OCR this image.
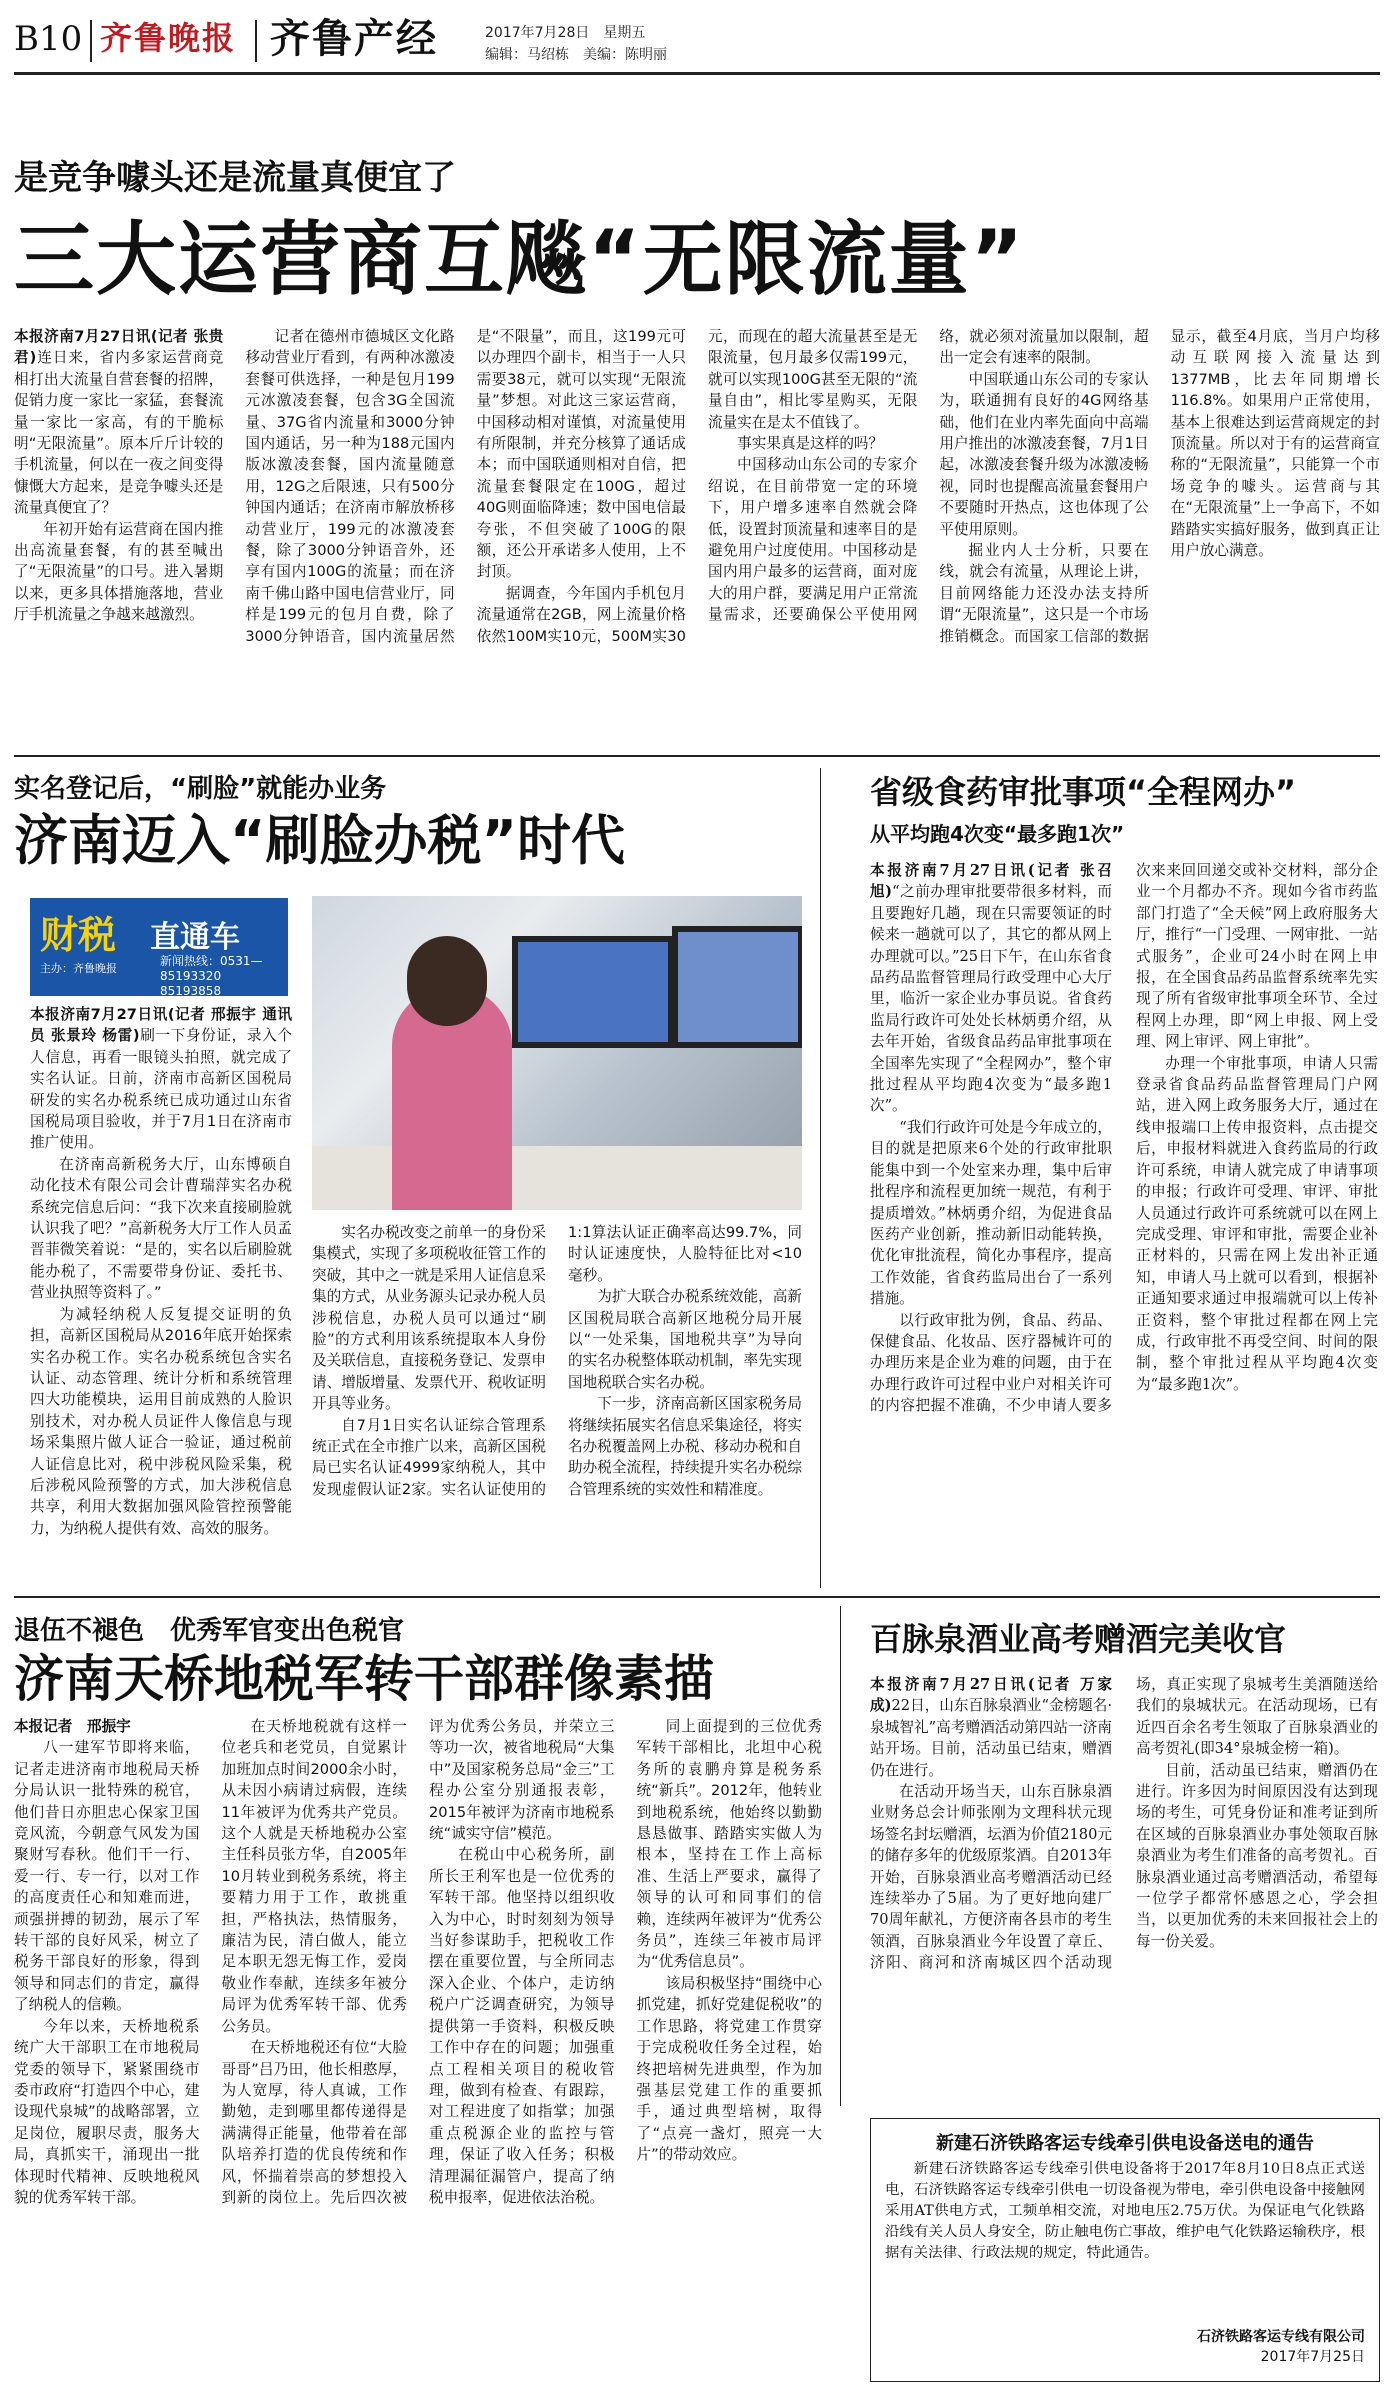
B10 齐鲁晚报 齐鲁产经	2017年7月28日　星期五
编辑：马绍栋　美编：陈明丽
是竞争噱头还是流量真便宜了
三大运营商互飚“无限流量”

本报济南7月27日讯(记者 张贵君)连日来，省内多家运营商竞相打出大流量自营套餐的招牌，促销力度一家比一家猛，套餐流量一家比一家高，有的干脆标明“无限流量”。原本斤斤计较的手机流量，何以在一夜之间变得慷慨大方起来，是竞争噱头还是流量真便宜了？

年初开始有运营商在国内推出高流量套餐，有的甚至喊出了“无限流量”的口号。进入暑期以来，更多具体措施落地，营业厅手机流量之争越来越激烈。

记者在德州市德城区文化路移动营业厅看到，有两种冰激凌套餐可供选择，一种是包月199元冰激凌套餐，包含3G全国流量、37G省内流量和3000分钟国内通话，另一种为188元国内版冰激凌套餐，国内流量随意用，12G之后限速，只有500分钟国内通话；在济南市解放桥移动营业厅，199元的冰激凌套餐，除了3000分钟语音外，还享有国内100G的流量；而在济南千佛山路中国电信营业厅，同样是199元的包月自费，除了3000分钟语音，国内流量居然是“不限量”，而且，这199元可以办理四个副卡，相当于一人只需要38元，就可以实现“无限流量”梦想。对此这三家运营商，中国移动相对谨慎，对流量使用有所限制，并充分核算了通话成本；而中国联通则相对自信，把流量套餐限定在100G，超过40G则面临降速；数中国电信最夸张，不但突破了100G的限额，还公开承诺多人使用，上不封顶。

据调查，今年国内手机包月流量通常在2GB，网上流量价格依然100M实10元，500M实30元，而现在的超大流量甚至是无限流量，包月最多仅需199元，就可以实现100G甚至无限的“流量自由”，相比零星购买，无限流量实在是太不值钱了。

事实果真是这样的吗？

中国移动山东公司的专家介绍说，在目前带宽一定的环境下，用户增多速率自然就会降低，设置封顶流量和速率目的是避免用户过度使用。中国移动是国内用户最多的运营商，面对庞大的用户群，要满足用户正常流量需求，还要确保公平使用网络，就必须对流量加以限制，超出一定会有速率的限制。

中国联通山东公司的专家认为，联通拥有良好的4G网络基础，他们在业内率先面向中高端用户推出的冰激凌套餐，7月1日起，冰激凌套餐升级为冰激凌畅视，同时也提醒高流量套餐用户不要随时开热点，这也体现了公平使用原则。

掘业内人士分析，只要在线，就会有流量，从理论上讲，目前网络能力还没办法支持所谓“无限流量”，这只是一个市场推销概念。而国家工信部的数据显示，截至4月底，当月户均移动互联网接入流量达到1377MB，比去年同期增长116.8%。如果用户正常使用，基本上很难达到运营商规定的封顶流量。所以对于有的运营商宣称的“无限流量”，只能算一个市场竞争的噱头。运营商与其在“无限流量”上一争高下，不如踏踏实实搞好服务，做到真正让用户放心满意。

实名登记后，“刷脸”就能办业务
济南迈入“刷脸办税”时代
财税 直通车
主办：齐鲁晚报
新闻热线：0531—85193320 85193858

本报济南7月27日讯(记者 邢振宇 通讯员 张景玲 杨雷)刷一下身份证，录入个人信息，再看一眼镜头拍照，就完成了实名认证。日前，济南市高新区国税局研发的实名办税系统已成功通过山东省国税局项目验收，并于7月1日在济南市推广使用。

在济南高新税务大厅，山东博硕自动化技术有限公司会计曹瑞萍实名办税系统完信息后问：“我下次来直接刷脸就认识我了吧？”高新税务大厅工作人员孟晋菲微笑着说：“是的，实名以后刷脸就能办税了，不需要带身份证、委托书、营业执照等资料了。”

为减轻纳税人反复提交证明的负担，高新区国税局从2016年底开始探索实名办税工作。实名办税系统包含实名认证、动态管理、统计分析和系统管理四大功能模块，运用目前成熟的人脸识别技术，对办税人员证件人像信息与现场采集照片做人证合一验证，通过税前人证信息比对，税中涉税风险采集，税后涉税风险预警的方式，加大涉税信息共享，利用大数据加强风险管控预警能力，为纳税人提供有效、高效的服务。

实名办税改变之前单一的身份采集模式，实现了多项税收征管工作的突破，其中之一就是采用人证信息采集的方式，从业务源头记录办税人员涉税信息，办税人员可以通过“刷脸”的方式利用该系统提取本人身份及关联信息，直接税务登记、发票申请、增版增量、发票代开、税收证明开具等业务。

自7月1日实名认证综合管理系统正式在全市推广以来，高新区国税局已实名认证4999家纳税人，其中发现虚假认证2家。实名认证使用的1:1算法认证正确率高达99.7%，同时认证速度快，人脸特征比对<10毫秒。

为扩大联合办税系统效能，高新区国税局联合高新区地税分局开展以“一处采集，国地税共享”为导向的实名办税整体联动机制，率先实现国地税联合实名办税。

下一步，济南高新区国家税务局将继续拓展实名信息采集途径，将实名办税覆盖网上办税、移动办税和自助办税全流程，持续提升实名办税综合管理系统的实效性和精准度。

省级食药审批事项“全程网办”
从平均跑4次变“最多跑1次”

本报济南7月27日讯(记者 张召旭)“之前办理审批要带很多材料，而且要跑好几趟，现在只需要领证的时候来一趟就可以了，其它的都从网上办理就可以。”25日下午，在山东省食品药品监督管理局行政受理中心大厅里，临沂一家企业办事员说。省食药监局行政许可处处长林炳勇介绍，从去年开始，省级食品药品审批事项在全国率先实现了“全程网办”，整个审批过程从平均跑4次变为“最多跑1次”。

“我们行政许可处是今年成立的，目的就是把原来6个处的行政审批职能集中到一个处室来办理，集中后审批程序和流程更加统一规范，有利于提质增效。”林炳勇介绍，为促进食品医药产业创新，推动新旧动能转换，优化审批流程，简化办事程序，提高工作效能，省食药监局出台了一系列措施。

以行政审批为例，食品、药品、保健食品、化妆品、医疗器械许可的办理历来是企业为难的问题，由于在办理行政许可过程中业户对相关许可的内容把握不准确，不少申请人要多次来来回回递交或补交材料，部分企业一个月都办不齐。现如今省市药监部门打造了“全天候”网上政府服务大厅，推行“一门受理、一网审批、一站式服务”，企业可24小时在网上申报，在全国食品药品监督系统率先实现了所有省级审批事项全环节、全过程网上办理，即“网上申报、网上受理、网上审评、网上审批”。

办理一个审批事项，申请人只需登录省食品药品监督管理局门户网站，进入网上政务服务大厅，通过在线申报端口上传申报资料，点击提交后，申报材料就进入食药监局的行政许可系统，申请人就完成了申请事项的申报；行政许可受理、审评、审批人员通过行政许可系统就可以在网上完成受理、审评和审批，需要企业补正材料的，只需在网上发出补正通知，申请人马上就可以看到，根据补正通知要求通过申报端就可以上传补正资料，整个审批过程都在网上完成，行政审批不再受空间、时间的限制，整个审批过程从平均跑4次变为“最多跑1次”。

退伍不褪色　优秀军官变出色税官
济南天桥地税军转干部群像素描

本报记者　邢振宇

八一建军节即将来临，记者走进济南市地税局天桥分局认识一批特殊的税官，他们昔日亦胆忠心保家卫国竞风流，今朝意气风发为国聚财写春秋。他们干一行、爱一行、专一行，以对工作的高度责任心和知难而进，顽强拼搏的韧劲，展示了军转干部的良好风采，树立了税务干部良好的形象，得到领导和同志们的肯定，赢得了纳税人的信赖。

今年以来，天桥地税系统广大干部职工在市地税局党委的领导下，紧紧围绕市委市政府“打造四个中心，建设现代泉城”的战略部署，立足岗位，履职尽责，服务大局，真抓实干，涌现出一批体现时代精神、反映地税风貌的优秀军转干部。

在天桥地税就有这样一位老兵和老党员，自觉累计加班加点时间2000余小时，从未因小病请过病假，连续11年被评为优秀共产党员。这个人就是天桥地税办公室主任科员张方华，自2005年10月转业到税务系统，将主要精力用于工作，敢挑重担，严格执法，热情服务，廉洁为民，清白做人，能立足本职无怨无悔工作，爱岗敬业作奉献，连续多年被分局评为优秀军转干部、优秀公务员。

在天桥地税还有位“大脸哥哥”吕乃田，他长相憨厚，为人宽厚，待人真诚，工作勤勉，走到哪里都传递得是满满得正能量，他带着在部队培养打造的优良传统和作风，怀揣着崇高的梦想投入到新的岗位上。先后四次被评为优秀公务员，并荣立三等功一次，被省地税局“大集中”及国家税务总局“金三”工程办公室分别通报表彰，2015年被评为济南市地税系统“诚实守信”模范。

在税山中心税务所，副所长王利军也是一位优秀的军转干部。他坚持以组织收入为中心，时时刻刻为领导当好参谋助手，把税收工作摆在重要位置，与全所同志深入企业、个体户，走访纳税户广泛调查研究，为领导提供第一手资料，积极反映工作中存在的问题；加强重点工程相关项目的税收管理，做到有检查、有跟踪，对工程进度了如指掌；加强重点税源企业的监控与管理，保证了收入任务；积极清理漏征漏管户，提高了纳税申报率，促进依法治税。

同上面提到的三位优秀军转干部相比，北坦中心税务所的袁鹏舟算是税务系统“新兵”。2012年，他转业到地税系统，他始终以勤勤恳恳做事、踏踏实实做人为根本，坚持在工作上高标准、生活上严要求，赢得了领导的认可和同事们的信赖，连续两年被评为“优秀公务员”，连续三年被市局评为“优秀信息员”。

该局积极坚持“围绕中心抓党建，抓好党建促税收”的工作思路，将党建工作贯穿于完成税收任务全过程，始终把培树先进典型，作为加强基层党建工作的重要抓手，通过典型培树，取得了“点亮一盏灯，照亮一大片”的带动效应。

百脉泉酒业高考赠酒完美收官

本报济南7月27日讯(记者 万家成)22日，山东百脉泉酒业“金榜题名·泉城智礼”高考赠酒活动第四站一济南站开场。目前，活动虽已结束，赠酒仍在进行。

在活动开场当天，山东百脉泉酒业财务总会计师张刚为文理科状元现场签名封坛赠酒，坛酒为价值2180元的储存多年的优级原浆酒。自2013年开始，百脉泉酒业高考赠酒活动已经连续举办了5届。为了更好地向建厂70周年献礼，方便济南各县市的考生领酒，百脉泉酒业今年设置了章丘、济阳、商河和济南城区四个活动现场，真正实现了泉城考生美酒随送给我们的泉城状元。在活动现场，已有近四百余名考生领取了百脉泉酒业的高考贺礼(即34°泉城金榜一箱)。

目前，活动虽已结束，赠酒仍在进行。许多因为时间原因没有达到现场的考生，可凭身份证和准考证到所在区域的百脉泉酒业办事处领取百脉泉酒业为考生们准备的高考贺礼。百脉泉酒业通过高考赠酒活动，希望每一位学子都常怀感恩之心，学会担当，以更加优秀的未来回报社会上的每一份关爱。

新建石济铁路客运专线牵引供电设备送电的通告

新建石济铁路客运专线牵引供电设备将于2017年8月10日8点正式送电，石济铁路客运专线牵引供电一切设备视为带电，牵引供电设备中接触网采用AT供电方式，工频单相交流，对地电压2.75万伏。为保证电气化铁路沿线有关人员人身安全，防止触电伤亡事故，维护电气化铁路运输秩序，根据有关法律、行政法规的规定，特此通告。

石济铁路客运专线有限公司
2017年7月25日
